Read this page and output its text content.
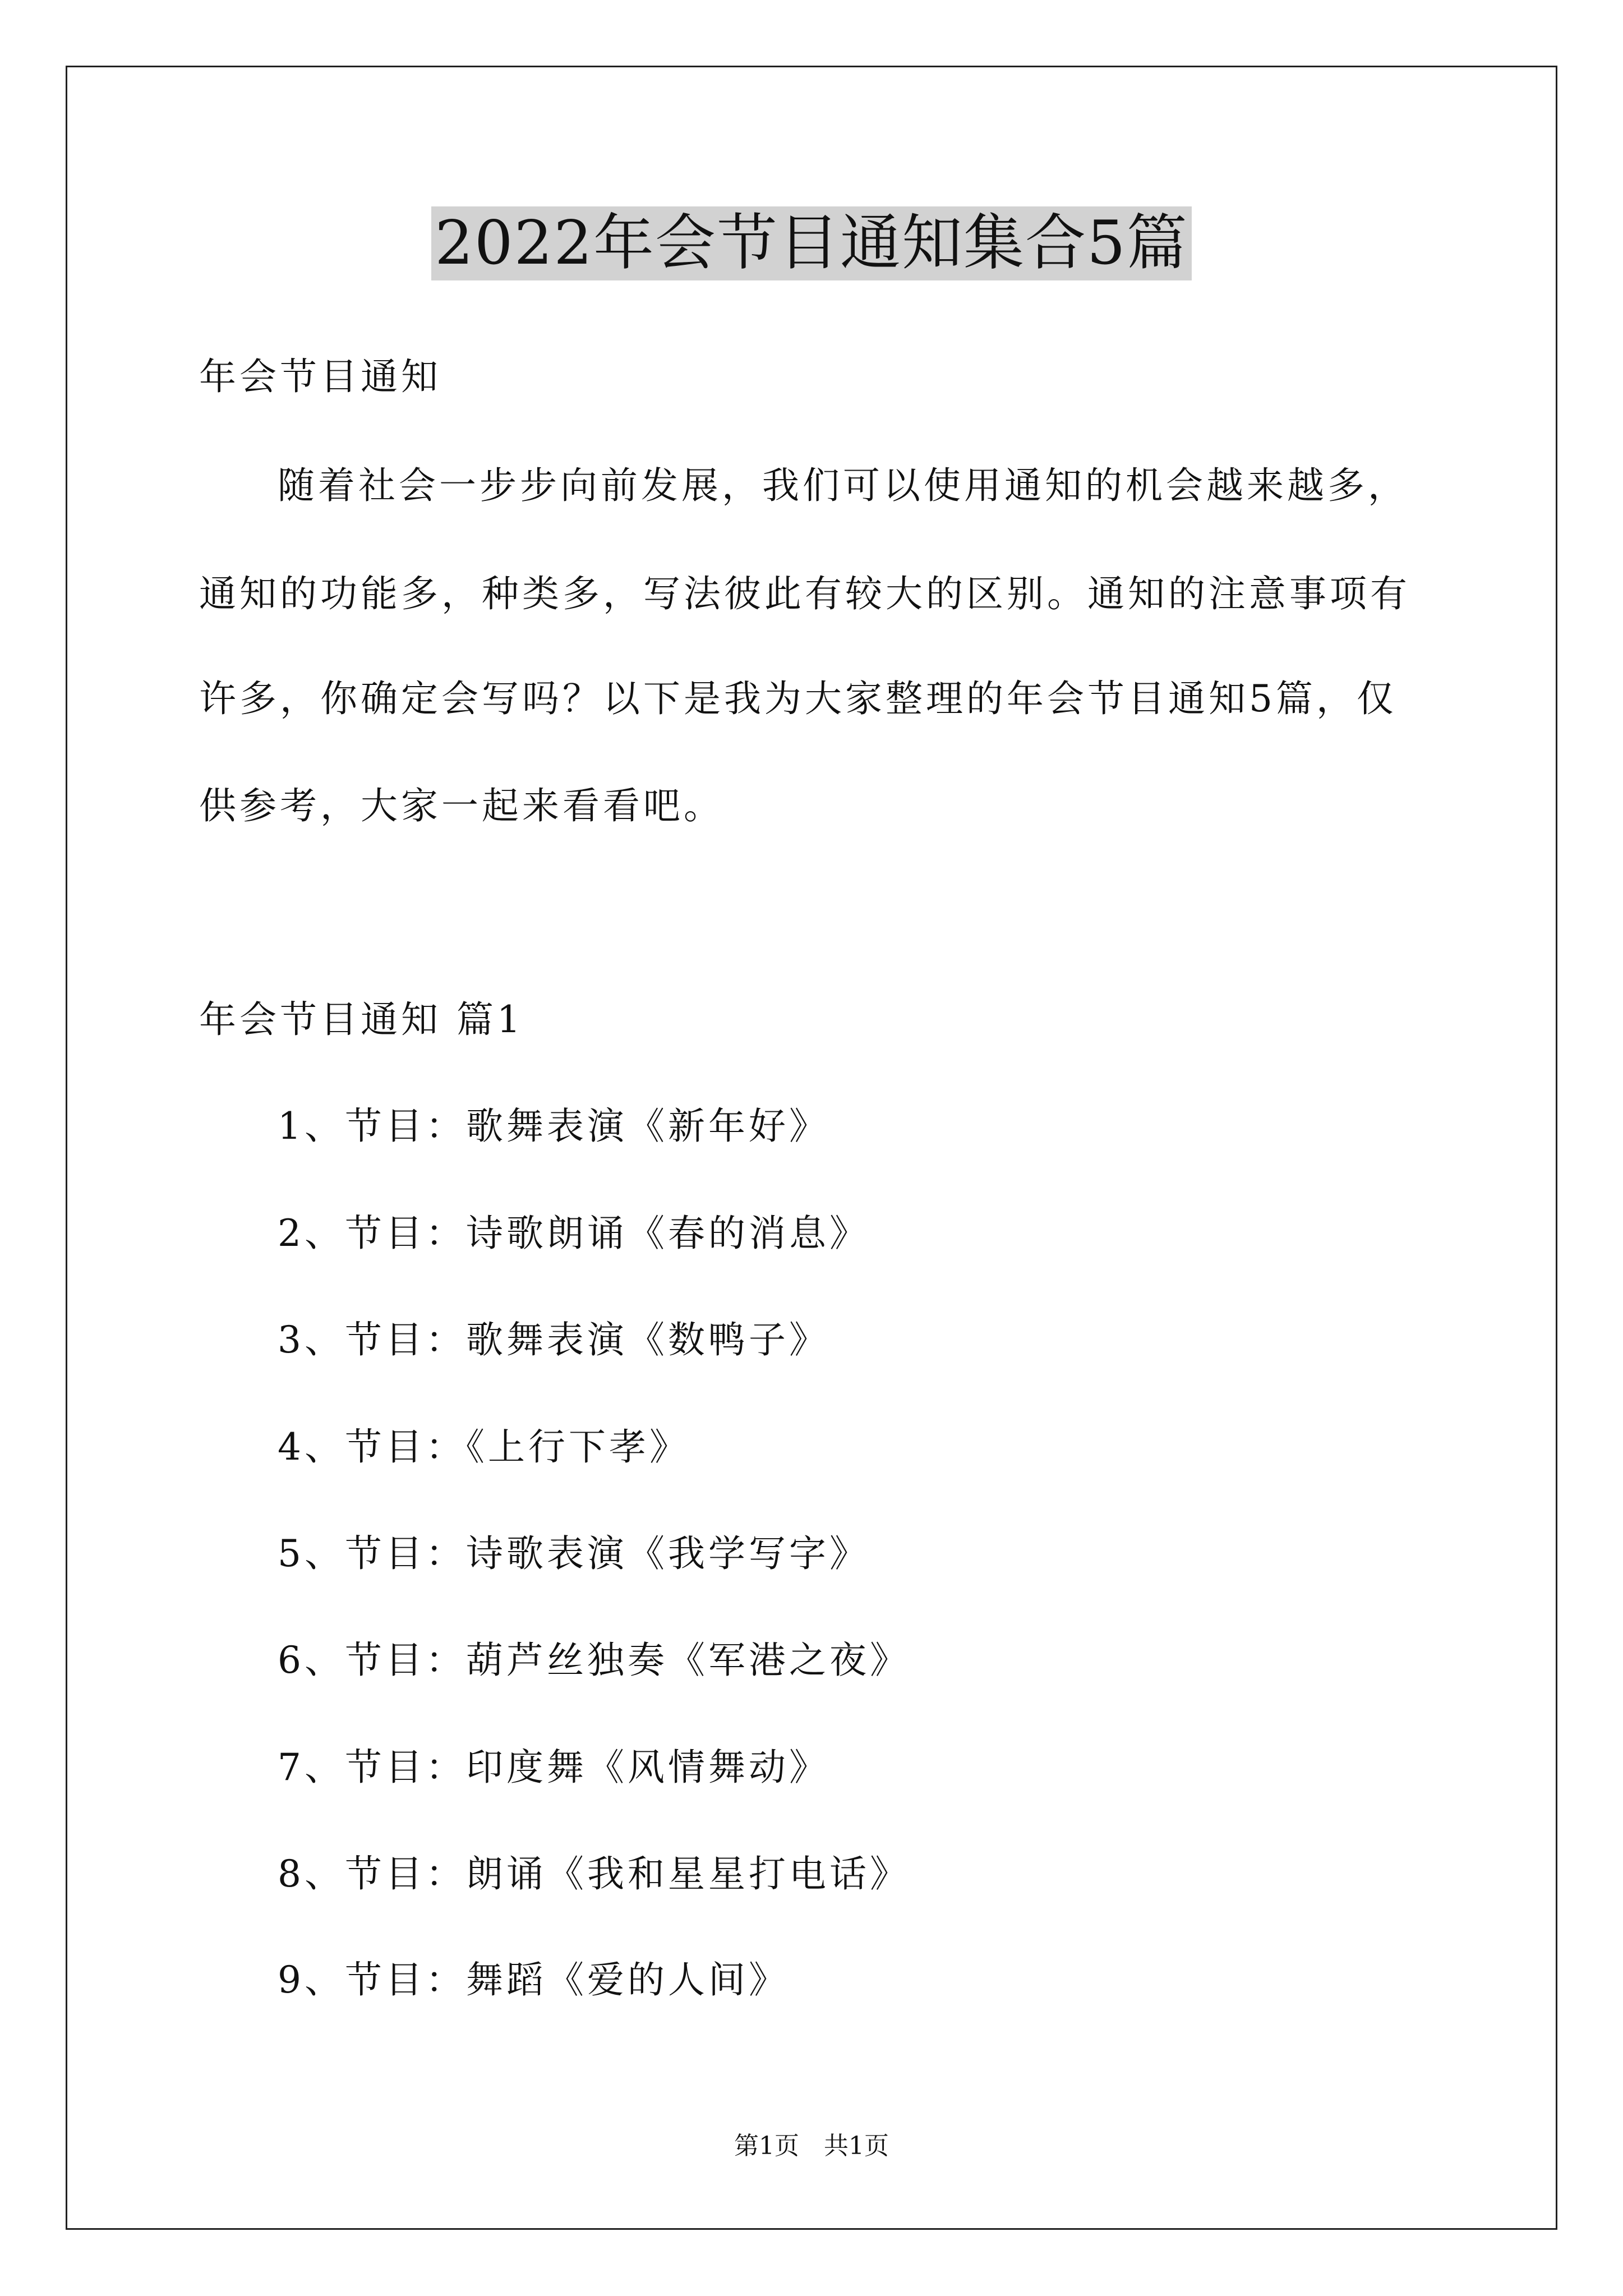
2022年会节目通知集合5篇
年会节目通知
随着社会一步步向前发展，我们可以使用通知的机会越来越多，
通知的功能多，种类多，写法彼此有较大的区别。通知的注意事项有
许多，你确定会写吗？以下是我为大家整理的年会节目通知5篇，仅
供参考，大家一起来看看吧。
年会节目通知 篇1
1、节目：歌舞表演《新年好》
2、节目：诗歌朗诵《春的消息》
3、节目：歌舞表演《数鸭子》
4、节目：《上行下孝》
5、节目：诗歌表演《我学写字》
6、节目：葫芦丝独奏《军港之夜》
7、节目：印度舞《风情舞动》
8、节目：朗诵《我和星星打电话》
9、节目：舞蹈《爱的人间》
第1页　共1页
